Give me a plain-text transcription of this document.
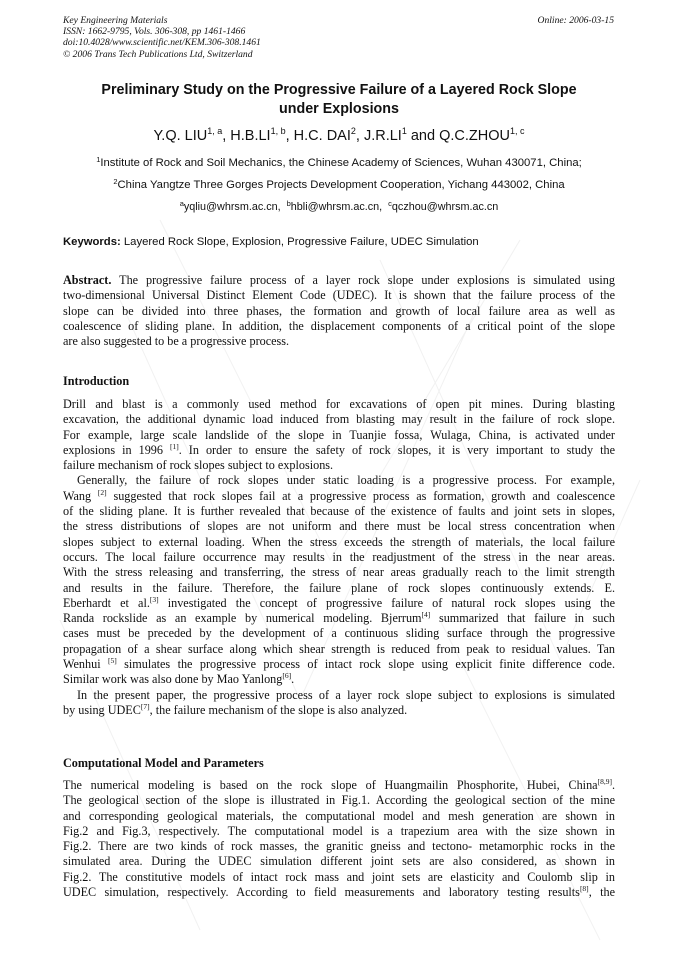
Key Engineering Materials
ISSN: 1662-9795, Vols. 306-308, pp 1461-1466
doi:10.4028/www.scientific.net/KEM.306-308.1461
© 2006 Trans Tech Publications Ltd, Switzerland
Online: 2006-03-15
Preliminary Study on the Progressive Failure of a Layered Rock Slope
under Explosions
Y.Q. LIU$^{1, a}$, H.B.LI$^{1, b}$, H.C. DAI$^2$, $J.R.LI^1$ and Q.C.ZHOU$^{1, c}$
$^1$Institute of Rock and Soil Mechanics, the Chinese Academy of Sciences, Wuhan 430071, China;
$^2$China Yangtze Three Gorges Projects Development Cooperation, Yichang 443002, China
$^a$yqliu@whrsm.ac.cn, $^b$hbli@whrsm.ac.cn, $^c$qczhou@whrsm.ac.cn
Keywords: Layered Rock Slope, Explosion, Progressive Failure, UDEC Simulation
Abstract. The progressive failure process of a layer rock slope under explosions is simulated using
two-dimensional Universal Distinct Element Code (UDEC). It is shown that the failure process of the
slope can be divided into three phases, the formation and growth of local failure area as well as
coalescence of sliding plane. In addition, the displacement components of a critical point of the slope
are also suggested to be a progressive process.
Introduction
Drill and blast is a commonly used method for excavations of open pit mines. During blasting
excavation, the additional dynamic load induced from blasting may result in the failure of rock slope.
For example, large scale landslide of the slope in Tuanjie fossa, Wulaga, China, is activated under
explosions in 1996 [1]. In order to ensure the safety of rock slopes, it is very important to study the
failure mechanism of rock slopes subject to explosions.
Generally, the failure of rock slopes under static loading is a progressive process. For example,
Wang [2] suggested that rock slopes fail at a progressive process as formation, growth and coalescence
of the sliding plane. It is further revealed that because of the existence of faults and joint sets in slopes,
the stress distributions of slopes are not uniform and there must be local stress concentration when
slopes subject to external loading. When the stress exceeds the strength of materials, the local failure
occurs. The local failure occurrence may results in the readjustment of the stress in the near areas.
With the stress releasing and transferring, the stress of near areas gradually reach to the limit strength
and results in the failure. Therefore, the failure plane of rock slopes continuously extends. E.
Eberhardt et al.[3] investigated the concept of progressive failure of natural rock slopes using the
Randa rockslide as an example by numerical modeling. Bjerrum[4] summarized that failure in such
cases must be preceded by the development of a continuous sliding surface through the progressive
propagation of a shear surface along which shear strength is reduced from peak to residual values. Tan
Wenhui [5] simulates the progressive process of intact rock slope using explicit finite difference code.
Similar work was also done by Mao Yanlong[6].
In the present paper, the progressive process of a layer rock slope subject to explosions is simulated
by using UDEC[7], the failure mechanism of the slope is also analyzed.
Computational Model and Parameters
The numerical modeling is based on the rock slope of Huangmailin Phosphorite, Hubei, China[8,9].
The geological section of the slope is illustrated in Fig.1. According the geological section of the mine
and corresponding geological materials, the computational model and mesh generation are shown in
Fig.2 and Fig.3, respectively. The computational model is a trapezium area with the size shown in
Fig.2. There are two kinds of rock masses, the granitic gneiss and tectono- metamorphic rocks in the
simulated area. During the UDEC simulation different joint sets are also considered, as shown in
Fig.2. The constitutive models of intact rock mass and joint sets are elasticity and Coulomb slip in
UDEC simulation, respectively. According to field measurements and laboratory testing results[8], the
